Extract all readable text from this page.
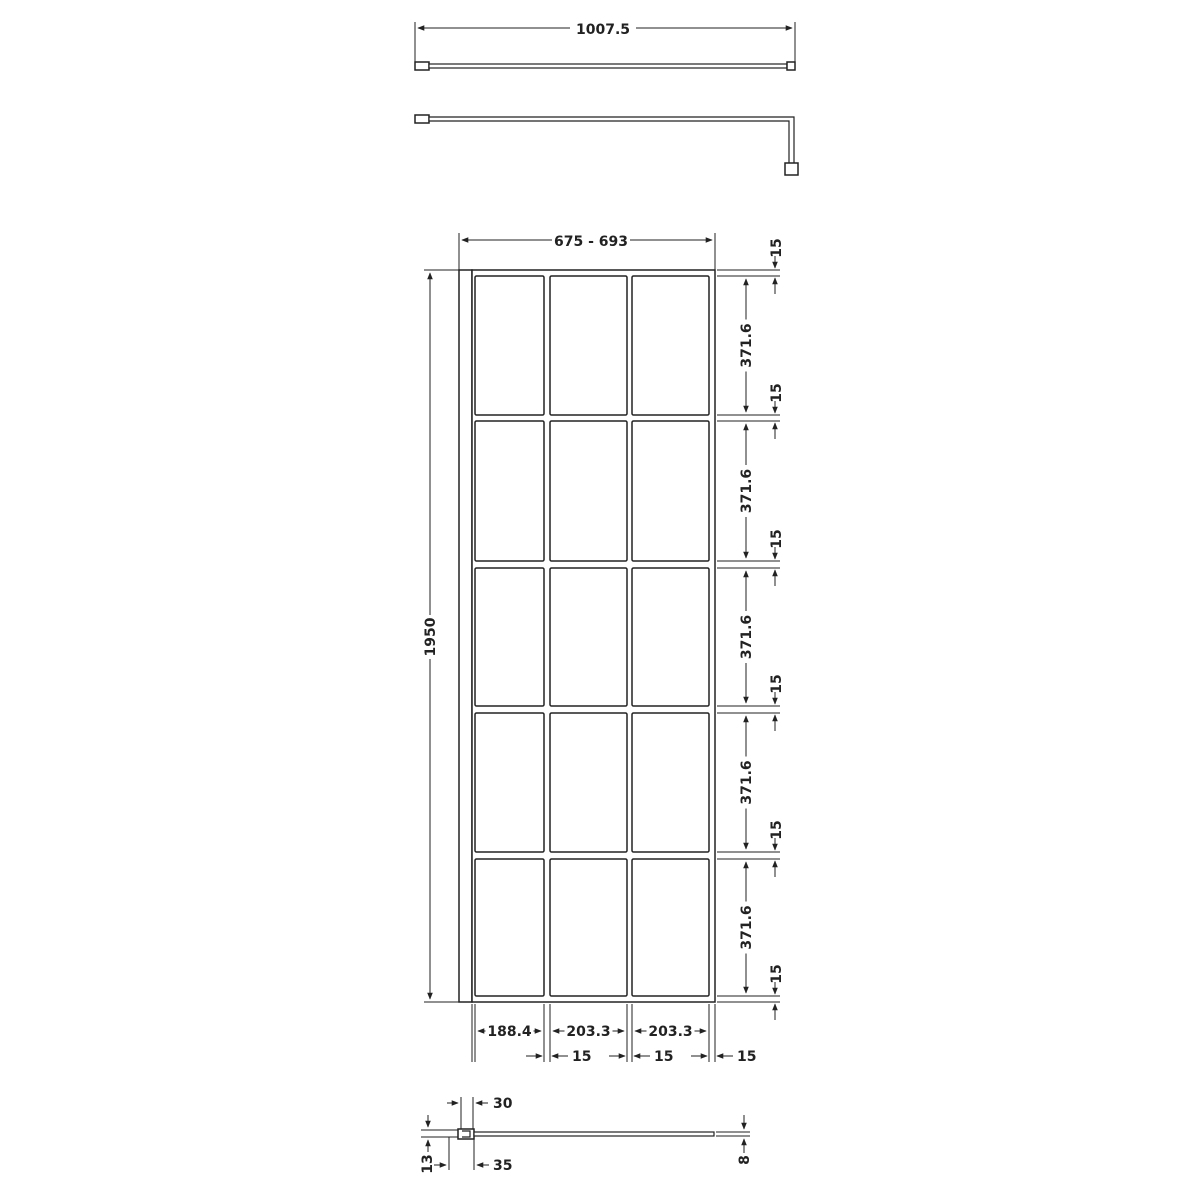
1007.5
675 - 693
1950
15
15
15
15
15
15
371.6
371.6
371.6
371.6
371.6
188.4 203.3	203.3
15	15	15
30
35
13	8
